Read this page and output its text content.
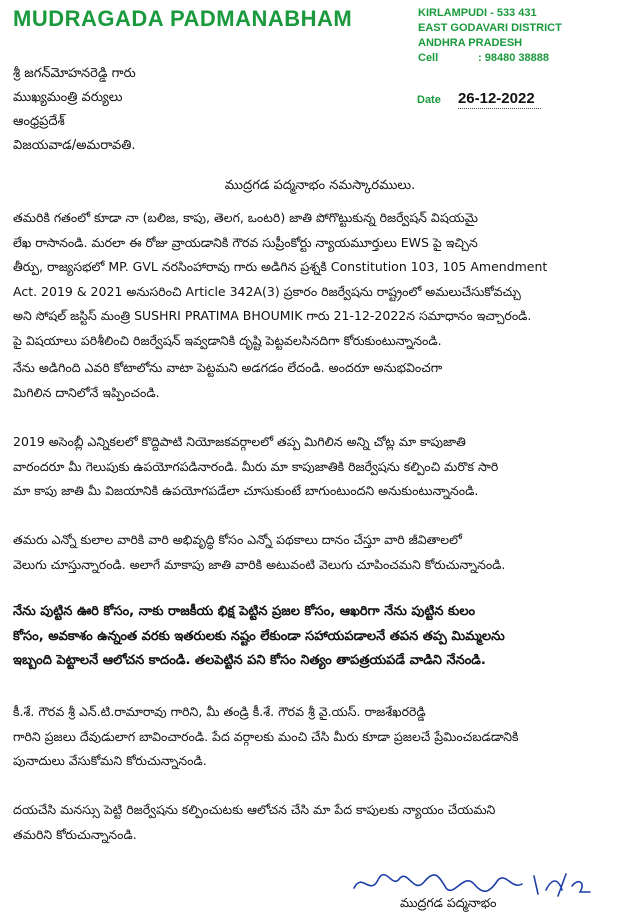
MUDRAGADA PADMANABHAM	KIRLAMPUDI - 533 431
EAST GODAVARI DISTRICT
ANDHRA PRADESH
Cell	: 98480 38888
Date 26-12-2022
శ్రీ జగన్‌మోహనరెడ్డి గారు
ముఖ్యమంత్రి వర్యులు
ఆంధ్రప్రదేశ్
విజయవాడ/అమరావతి.
ముద్రగడ పద్మనాభం నమస్కారములు.
తమరికి గతంలో కూడా నా (బలిజ, కాపు, తెలగ, ఒంటరి) జాతి పోగొట్టుకున్న రిజర్వేషన్ విషయమై
లేఖ రాసానండి. మరలా ఈ రోజు వ్రాయడానికి గౌరవ సుప్రీంకోర్టు న్యాయమూర్తులు EWS పై ఇచ్చిన
తీర్పు, రాజ్యసభలో MP. GVL నరసింహారావు గారు అడిగిన ప్రశ్నకి Constitution 103, 105 Amendment
Act. 2019 & 2021 అనుసరించి Article 342A(3) ప్రకారం రిజర్వేషను రాష్ట్రంలో అమలుచేసుకోవచ్చు
అని సోషల్ జస్టిస్ మంత్రి SUSHRI PRATIMA BHOUMIK గారు 21-12-2022న సమాధానం ఇచ్చారండి.
పై విషయాలు పరిశీలించి రిజర్వేషన్ ఇవ్వడానికి దృష్టి పెట్టవలసినదిగా కోరుకుంటున్నానండి.
నేను అడిగింది ఎవరి కోటాలోను వాటా పెట్టమని అడగడం లేదండి. అందరూ అనుభవించగా
మిగిలిన దానిలోనే ఇప్పించండి.
2019 అసెంబ్లీ ఎన్నికలలో కొద్దిపాటి నియోజకవర్గాలలో తప్ప మిగిలిన అన్ని చోట్ల మా కాపుజాతి
వారందరూ మీ గెలుపుకు ఉపయోగపడినారండి. మీరు మా కాపుజాతికి రిజర్వేషను కల్పించి మరొక సారి
మా కాపు జాతి మీ విజయానికి ఉపయోగపడేలా చూసుకుంటే బాగుంటుందని అనుకుంటున్నానండి.
తమరు ఎన్నో కులాల వారికి వారి అభివృద్ధి కోసం ఎన్నో పథకాలు దానం చేస్తూ వారి జీవితాలలో
వెలుగు చూస్తున్నారండి. అలాగే మాకాపు జాతి వారికి అటువంటి వెలుగు చూపించమని కోరుచున్నానండి.
నేను పుట్టిన ఊరి కోసం, నాకు రాజకీయ భిక్ష పెట్టిన ప్రజల కోసం, ఆఖరిగా నేను పుట్టిన కులం
కోసం, అవకాశం ఉన్నంత వరకు ఇతరులకు నష్టం లేకుండా సహాయపడాలనే తపన తప్ప మిమ్మలను
ఇబ్బంది పెట్టాలనే ఆలోచన కాదండి. తలపెట్టిన పని కోసం నిత్యం తాపత్రయపడే వాడిని నేనండి.
కీ.శే. గౌరవ శ్రీ ఎన్.టి.రామారావు గారిని, మీ తండ్రి కీ.శే. గౌరవ శ్రీ వై.యస్. రాజశేఖరరెడ్డి
గారిని ప్రజలు దేవుడులాగ బావించారండి. పేద వర్గాలకు మంచి చేసి మీరు కూడా ప్రజలచే ప్రేమించబడడానికి
పునాదులు వేసుకోమని కోరుచున్నానండి.
దయచేసి మనస్సు పెట్టి రిజర్వేషను కల్పించుటకు ఆలోచన చేసి మా పేద కాపులకు న్యాయం చేయమని
తమరిని కోరుచున్నానండి.
ముద్రగడ పద్మనాభం
